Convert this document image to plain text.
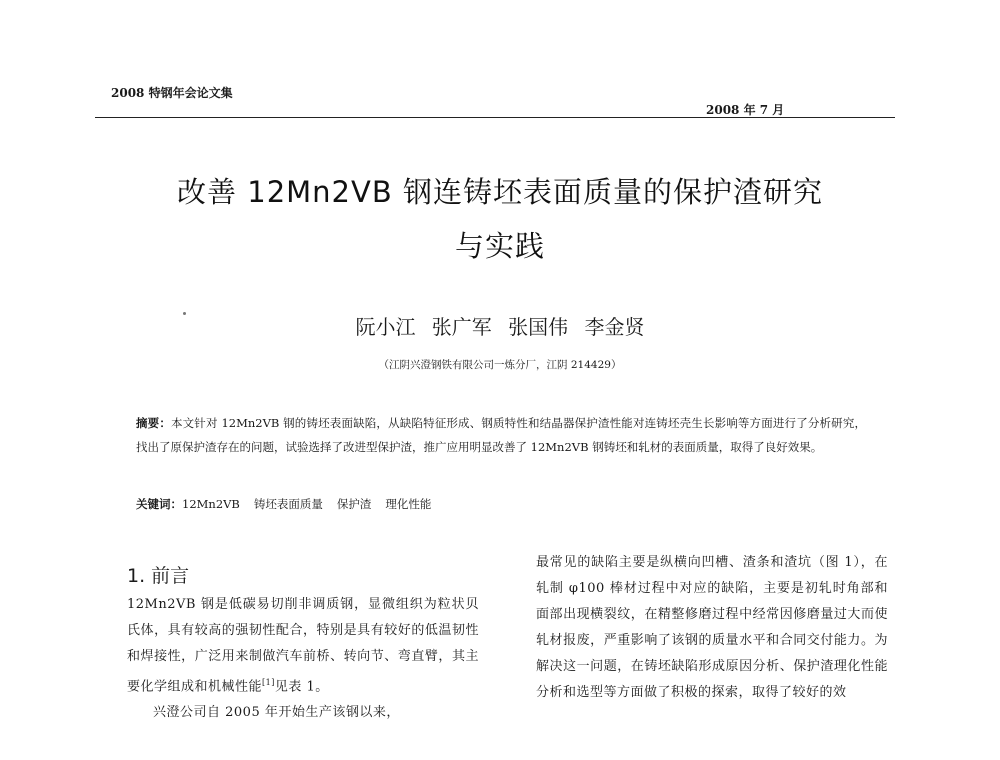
2008 特钢年会论文集
2008 年 7 月
改善 12Mn2VB 钢连铸坯表面质量的保护渣研究
与实践
阮小江 张广军 张国伟 李金贤
（江阴兴澄钢铁有限公司一炼分厂，江阴 214429）
摘要：本文针对 12Mn2VB 钢的铸坯表面缺陷，从缺陷特征形成、钢质特性和结晶器保护渣性能对连铸坯壳生长影响等方面进行了分析研究，找出了原保护渣存在的问题，试验选择了改进型保护渣，推广应用明显改善了 12Mn2VB 钢铸坯和轧材的表面质量，取得了良好效果。
关键词：12Mn2VB 铸坯表面质量 保护渣 理化性能
1. 前言
12Mn2VB 钢是低碳易切削非调质钢，显微组织为粒状贝氏体，具有较高的强韧性配合，特别是具有较好的低温韧性和焊接性，广泛用来制做汽车前桥、转向节、弯直臂，其主要化学组成和机械性能[1]见表 1。
兴澄公司自 2005 年开始生产该钢以来，
最常见的缺陷主要是纵横向凹槽、渣条和渣坑（图 1），在轧制 φ100 棒材过程中对应的缺陷，主要是初轧时角部和面部出现横裂纹，在精整修磨过程中经常因修磨量过大而使轧材报废，严重影响了该钢的质量水平和合同交付能力。为解决这一问题，在铸坯缺陷形成原因分析、保护渣理化性能分析和选型等方面做了积极的探索，取得了较好的效
